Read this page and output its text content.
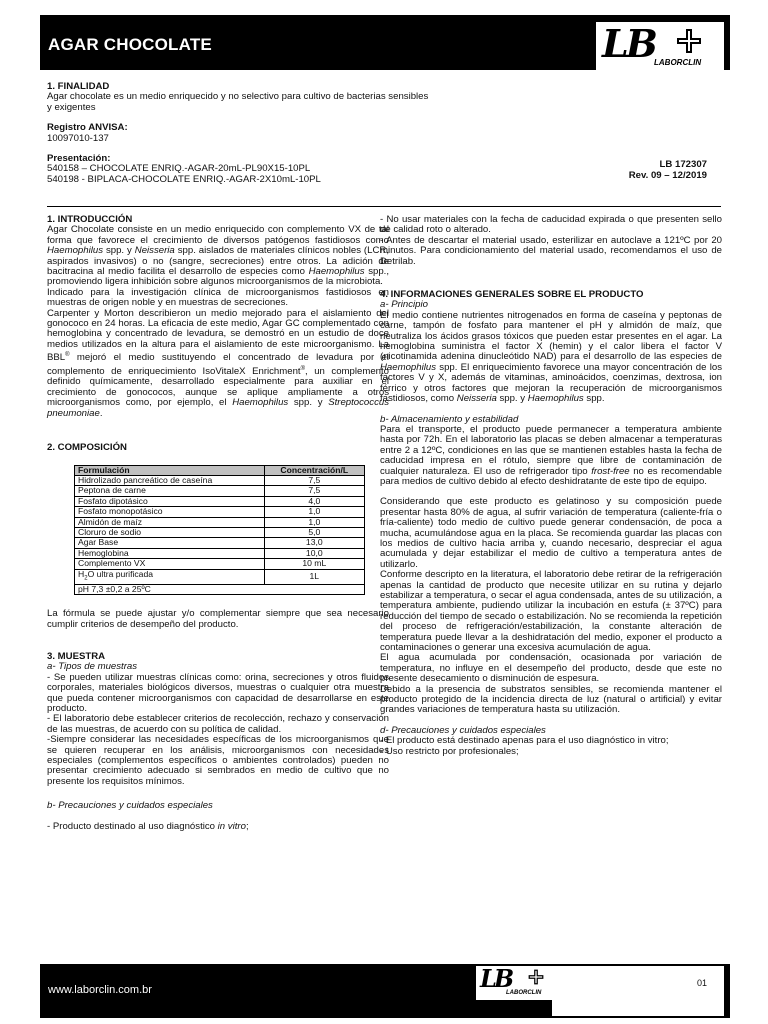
AGAR CHOCOLATE	LB LABORCLIN

1. FINALIDAD

Agar chocolate es un medio enriquecido y no selectivo para cultivo de bacterias sensibles

y exigentes

Registro ANVISA:

10097010-137

Presentación:

540158 – CHOCOLATE ENRIQ.-AGAR-20mL-PL90X15-10PL

540198 - BIPLACA-CHOCOLATE ENRIQ.-AGAR-2X10mL-10PL

LB 172307
Rev. 09 – 12/2019

1. INTRODUCCIÓN

Agar Chocolate consiste en un medio enriquecido con complemento VX de tal forma que favorece el crecimiento de diversos patógenos fastidiosos como Haemophilus spp. y Neisseria spp. aislados de materiales clínicos nobles (LCR, aspirados invasivos) o no (sangre, secreciones) entre otros. La adición de bacitracina al medio facilita el desarrollo de especies como Haemophilus spp., promoviendo ligera inhibición sobre algunos microorganismos de la microbiota.

Indicado para la investigación clínica de microorganismos fastidiosos en muestras de origen noble y en muestras de secreciones.

Carpenter y Morton describieron un medio mejorado para el aislamiento del gonococo en 24 horas. La eficacia de este medio, Agar GC complementado con hemoglobina y concentrado de levadura, se demostró en un estudio de doce medios utilizados en la altura para el aislamiento de este microorganismo. La BBL® mejoró el medio sustituyendo el concentrado de levadura por el complemento de enriquecimiento IsoVitaleX Enrichment®, un complemento definido químicamente, desarrollado especialmente para auxiliar en el crecimiento de gonococos, aunque se aplique ampliamente a otros microorganismos como, por ejemplo, el Haemophilus spp. y Streptococcus pneumoniae.

2. COMPOSICIÓN

Formulación	Concentración/L
Hidrolizado pancreático de caseína	7,5
Peptona de carne	7,5
Fosfato dipotásico	4,0
Fosfato monopotásico	1,0
Almidón de maíz	1,0
Cloruro de sodio	5,0
Agar Base	13,0
Hemoglobina	10,0
Complemento VX	10 mL
$H_2O$ ultra purificada	1L
pH 7,3 ±0,2 a 25ºC	

La fórmula se puede ajustar y/o complementar siempre que sea necesario cumplir criterios de desempeño del producto.

3. MUESTRA

a- Tipos de muestras

- Se pueden utilizar muestras clínicas como: orina, secreciones y otros fluidos corporales, materiales biológicos diversos, muestras o cualquier otra muestra que pueda contener microorganismos con capacidad de desarrollarse en este producto.

- El laboratorio debe establecer criterios de recolección, rechazo y conservación de las muestras, de acuerdo con su política de calidad.

-Siempre considerar las necesidades específicas de los microorganismos que se quieren recuperar en los análisis, microorganismos con necesidades especiales (complementos específicos o ambientes controlados) pueden no presentar crecimiento adecuado si sembrados en medio de cultivo que no presente los requisitos mínimos.

b- Precauciones y cuidados especiales

- Producto destinado al uso diagnóstico in vitro;

- No usar materiales con la fecha de caducidad expirada o que presenten sello de calidad roto o alterado.

- Antes de descartar el material usado, esterilizar en autoclave a 121ºC por 20 minutos. Para condicionamiento del material usado, recomendamos el uso de Detrilab.

4. INFORMACIONES GENERALES SOBRE EL PRODUCTO

a- Principio

El medio contiene nutrientes nitrogenados en forma de caseína y peptonas de carne, tampón de fosfato para mantener el pH y almidón de maíz, que neutraliza los ácidos grasos tóxicos que pueden estar presentes en el agar. La hemoglobina suministra el factor X (hemin) y el calor libera el factor V (nicotinamida adenina dinucleótido NAD) para el desarrollo de las especies de Haemophilus spp. El enriquecimiento favorece una mayor concentración de los factores V y X, además de vitaminas, aminoácidos, coenzimas, dextrosa, ion férrico y otros factores que mejoran la recuperación de microorganismos fastidiosos, como Neisseria spp. y Haemophilus spp.

b- Almacenamiento y estabilidad

Para el transporte, el producto puede permanecer a temperatura ambiente hasta por 72h. En el laboratorio las placas se deben almacenar a temperaturas entre 2 a 12ºC, condiciones en las que se mantienen estables hasta la fecha de caducidad impresa en el rótulo, siempre que libre de contaminación de cualquier naturaleza. El uso de refrigerador tipo frost-free no es recomendable para medios de cultivo debido al efecto deshidratante de este tipo de equipo.

Considerando que este producto es gelatinoso y su composición puede presentar hasta 80% de agua, al sufrir variación de temperatura (caliente-fría o fría-caliente) todo medio de cultivo puede generar condensación, de poca a mucha, acumulándose agua en la placa. Se recomienda guardar las placas con los medios de cultivo hacia arriba y, cuando necesario, despreciar el agua acumulada y dejar estabilizar el medio de cultivo a temperatura antes de utilizarlo.

Conforme descripto en la literatura, el laboratorio debe retirar de la refrigeración apenas la cantidad de producto que necesite utilizar en su rutina y dejarlo estabilizar a temperatura, o secar el agua condensada, antes de su utilización, a temperatura ambiente, pudiendo utilizar la incubación en estufa (± 37ºC) para reducción del tiempo de secado o estabilización. No se recomienda la repetición del proceso de refrigeración/estabilización, la constante alteración de temperatura puede llevar a la deshidratación del medio, exponer el producto a contaminaciones o generar una excesiva acumulación de agua.

El agua acumulada por condensación, ocasionada por variación de temperatura, no influye en el desempeño del producto, desde que este no presente desecamiento o disminución de espesura.

Debido a la presencia de substratos sensibles, se recomienda mantener el producto protegido de la incidencia directa de luz (natural o artificial) y evitar grandes variaciones de temperatura hasta su utilización.

d- Precauciones y cuidados especiales

- El producto está destinado apenas para el uso diagnóstico in vitro;

- Uso restricto por profesionales;

www.laborclin.com.br	LB
LABORCLIN
01
